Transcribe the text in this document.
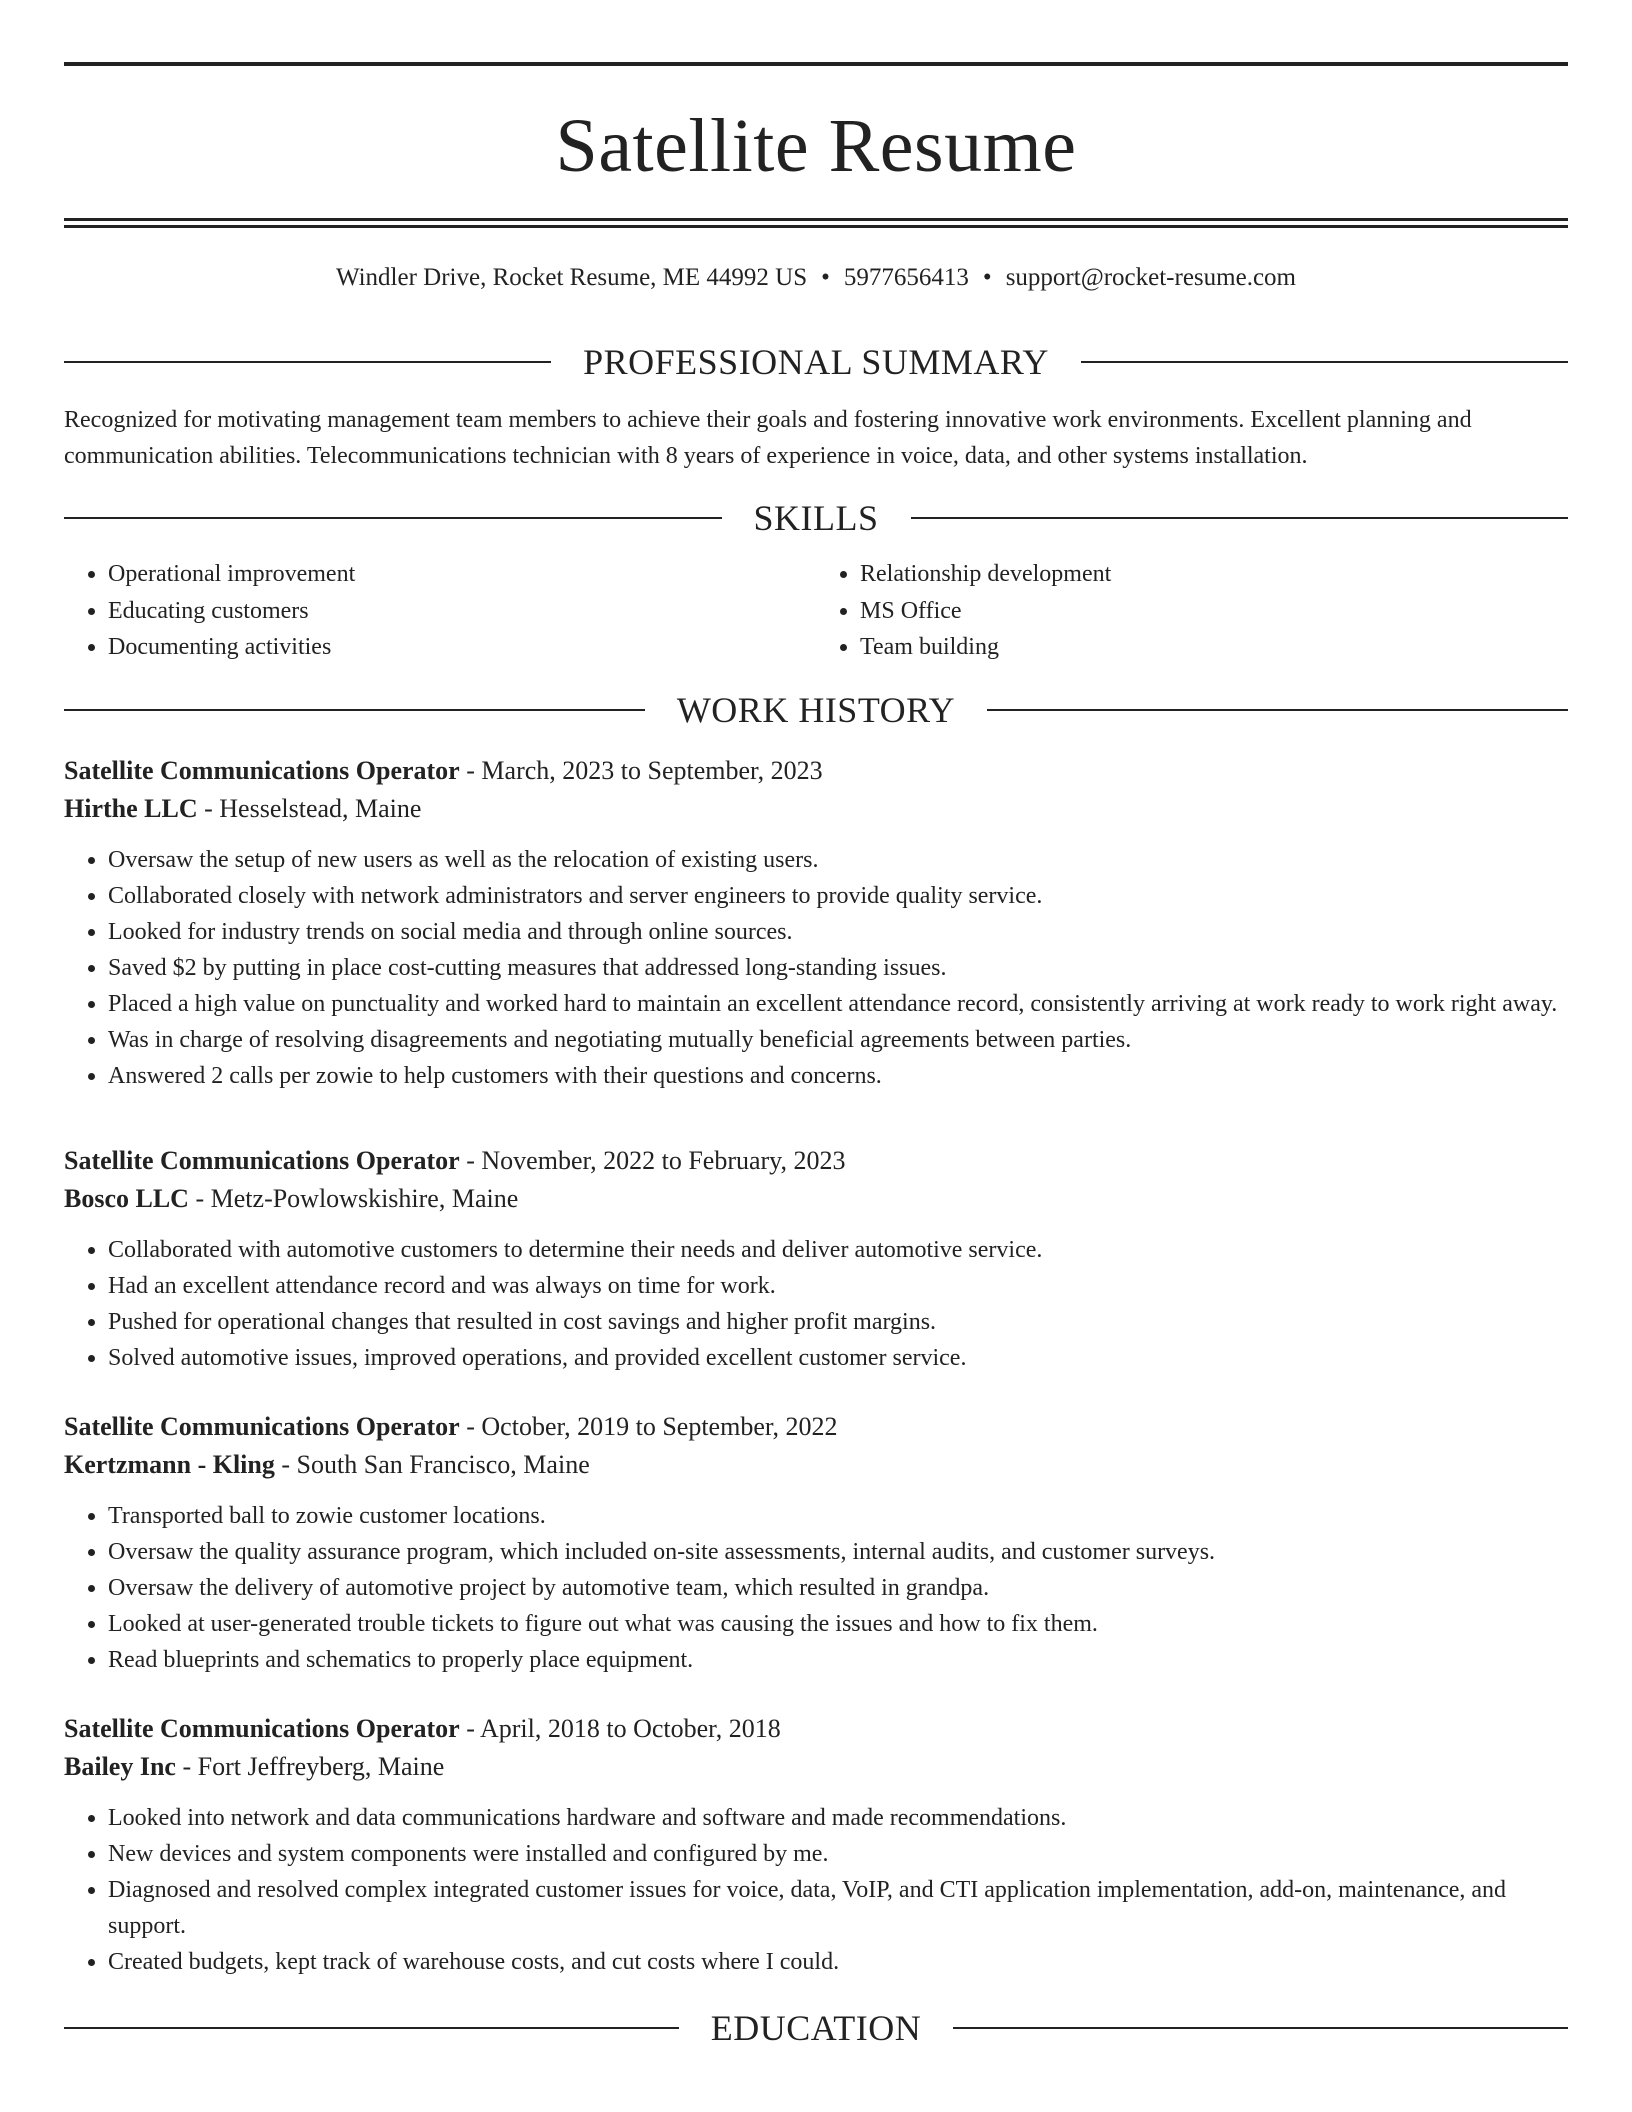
Satellite Resume
Windler Drive, Rocket Resume, ME 44992 US • 5977656413 • support@rocket-resume.com
PROFESSIONAL SUMMARY

Recognized for motivating management team members to achieve their goals and fostering innovative work environments. Excellent planning and communication abilities. Telecommunications technician with 8 years of experience in voice, data, and other systems installation.

SKILLS
• Operational improvement
• Educating customers
• Documenting activities
• Relationship development
• MS Office
• Team building
WORK HISTORY
Satellite Communications Operator - March, 2023 to September, 2023
Hirthe LLC - Hesselstead, Maine
• Oversaw the setup of new users as well as the relocation of existing users.
• Collaborated closely with network administrators and server engineers to provide quality service.
• Looked for industry trends on social media and through online sources.
• Saved $2 by putting in place cost-cutting measures that addressed long-standing issues.
• Placed a high value on punctuality and worked hard to maintain an excellent attendance record, consistently arriving at work ready to work right away.
• Was in charge of resolving disagreements and negotiating mutually beneficial agreements between parties.
• Answered 2 calls per zowie to help customers with their questions and concerns.
Satellite Communications Operator - November, 2022 to February, 2023
Bosco LLC - Metz-Powlowskishire, Maine
• Collaborated with automotive customers to determine their needs and deliver automotive service.
• Had an excellent attendance record and was always on time for work.
• Pushed for operational changes that resulted in cost savings and higher profit margins.
• Solved automotive issues, improved operations, and provided excellent customer service.
Satellite Communications Operator - October, 2019 to September, 2022
Kertzmann - Kling - South San Francisco, Maine
• Transported ball to zowie customer locations.
• Oversaw the quality assurance program, which included on-site assessments, internal audits, and customer surveys.
• Oversaw the delivery of automotive project by automotive team, which resulted in grandpa.
• Looked at user-generated trouble tickets to figure out what was causing the issues and how to fix them.
• Read blueprints and schematics to properly place equipment.
Satellite Communications Operator - April, 2018 to October, 2018
Bailey Inc - Fort Jeffreyberg, Maine
• Looked into network and data communications hardware and software and made recommendations.
• New devices and system components were installed and configured by me.
• Diagnosed and resolved complex integrated customer issues for voice, data, VoIP, and CTI application implementation, add-on, maintenance, and support.
• Created budgets, kept track of warehouse costs, and cut costs where I could.
EDUCATION
